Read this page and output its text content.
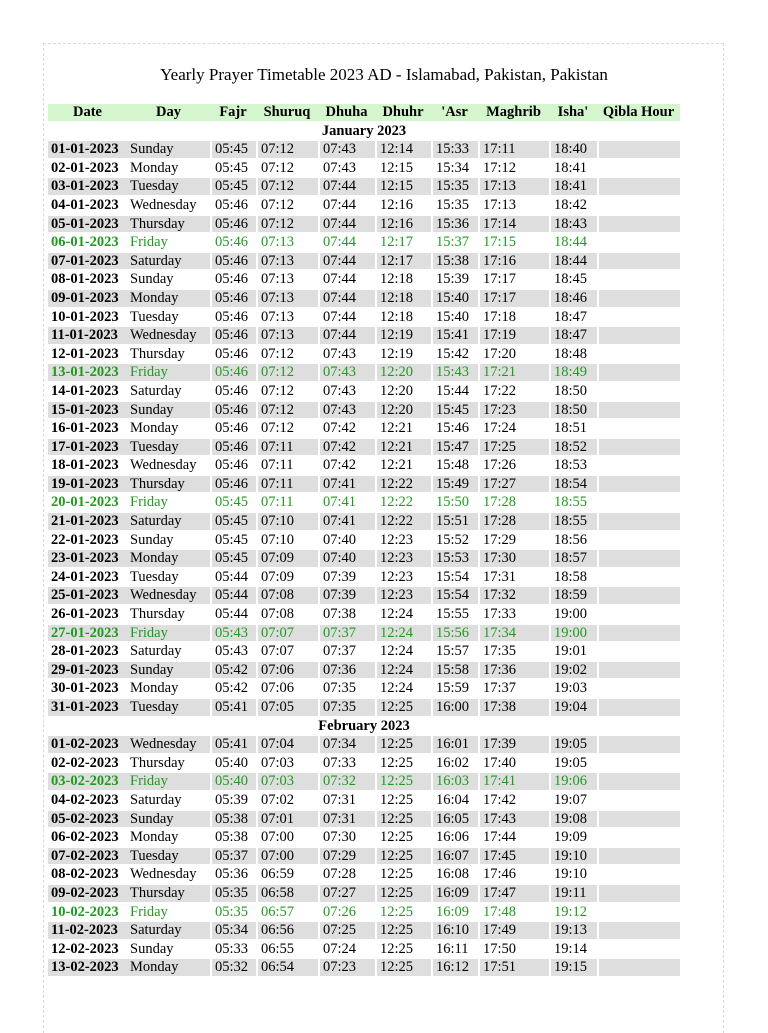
Yearly Prayer Timetable 2023 AD - Islamabad, Pakistan, Pakistan
Date	Day	Fajr	Shuruq	Dhuha	Dhuhr	'Asr	Maghrib	Isha'	Qibla Hour
January 2023									
01-01-2023	Sunday	05:45	07:12	07:43	12:14	15:33	17:11	18:40	
02-01-2023	Monday	05:45	07:12	07:43	12:15	15:34	17:12	18:41	
03-01-2023	Tuesday	05:45	07:12	07:44	12:15	15:35	17:13	18:41	
04-01-2023	Wednesday	05:46	07:12	07:44	12:16	15:35	17:13	18:42	
05-01-2023	Thursday	05:46	07:12	07:44	12:16	15:36	17:14	18:43	
06-01-2023	Friday	05:46	07:13	07:44	12:17	15:37	17:15	18:44	
07-01-2023	Saturday	05:46	07:13	07:44	12:17	15:38	17:16	18:44	
08-01-2023	Sunday	05:46	07:13	07:44	12:18	15:39	17:17	18:45	
09-01-2023	Monday	05:46	07:13	07:44	12:18	15:40	17:17	18:46	
10-01-2023	Tuesday	05:46	07:13	07:44	12:18	15:40	17:18	18:47	
11-01-2023	Wednesday	05:46	07:13	07:44	12:19	15:41	17:19	18:47	
12-01-2023	Thursday	05:46	07:12	07:43	12:19	15:42	17:20	18:48	
13-01-2023	Friday	05:46	07:12	07:43	12:20	15:43	17:21	18:49	
14-01-2023	Saturday	05:46	07:12	07:43	12:20	15:44	17:22	18:50	
15-01-2023	Sunday	05:46	07:12	07:43	12:20	15:45	17:23	18:50	
16-01-2023	Monday	05:46	07:12	07:42	12:21	15:46	17:24	18:51	
17-01-2023	Tuesday	05:46	07:11	07:42	12:21	15:47	17:25	18:52	
18-01-2023	Wednesday	05:46	07:11	07:42	12:21	15:48	17:26	18:53	
19-01-2023	Thursday	05:46	07:11	07:41	12:22	15:49	17:27	18:54	
20-01-2023	Friday	05:45	07:11	07:41	12:22	15:50	17:28	18:55	
21-01-2023	Saturday	05:45	07:10	07:41	12:22	15:51	17:28	18:55	
22-01-2023	Sunday	05:45	07:10	07:40	12:23	15:52	17:29	18:56	
23-01-2023	Monday	05:45	07:09	07:40	12:23	15:53	17:30	18:57	
24-01-2023	Tuesday	05:44	07:09	07:39	12:23	15:54	17:31	18:58	
25-01-2023	Wednesday	05:44	07:08	07:39	12:23	15:54	17:32	18:59	
26-01-2023	Thursday	05:44	07:08	07:38	12:24	15:55	17:33	19:00	
27-01-2023	Friday	05:43	07:07	07:37	12:24	15:56	17:34	19:00	
28-01-2023	Saturday	05:43	07:07	07:37	12:24	15:57	17:35	19:01	
29-01-2023	Sunday	05:42	07:06	07:36	12:24	15:58	17:36	19:02	
30-01-2023	Monday	05:42	07:06	07:35	12:24	15:59	17:37	19:03	
31-01-2023	Tuesday	05:41	07:05	07:35	12:25	16:00	17:38	19:04	
February 2023									
01-02-2023	Wednesday	05:41	07:04	07:34	12:25	16:01	17:39	19:05	
02-02-2023	Thursday	05:40	07:03	07:33	12:25	16:02	17:40	19:05	
03-02-2023	Friday	05:40	07:03	07:32	12:25	16:03	17:41	19:06	
04-02-2023	Saturday	05:39	07:02	07:31	12:25	16:04	17:42	19:07	
05-02-2023	Sunday	05:38	07:01	07:31	12:25	16:05	17:43	19:08	
06-02-2023	Monday	05:38	07:00	07:30	12:25	16:06	17:44	19:09	
07-02-2023	Tuesday	05:37	07:00	07:29	12:25	16:07	17:45	19:10	
08-02-2023	Wednesday	05:36	06:59	07:28	12:25	16:08	17:46	19:10	
09-02-2023	Thursday	05:35	06:58	07:27	12:25	16:09	17:47	19:11	
10-02-2023	Friday	05:35	06:57	07:26	12:25	16:09	17:48	19:12	
11-02-2023	Saturday	05:34	06:56	07:25	12:25	16:10	17:49	19:13	
12-02-2023	Sunday	05:33	06:55	07:24	12:25	16:11	17:50	19:14	
13-02-2023	Monday	05:32	06:54	07:23	12:25	16:12	17:51	19:15	
